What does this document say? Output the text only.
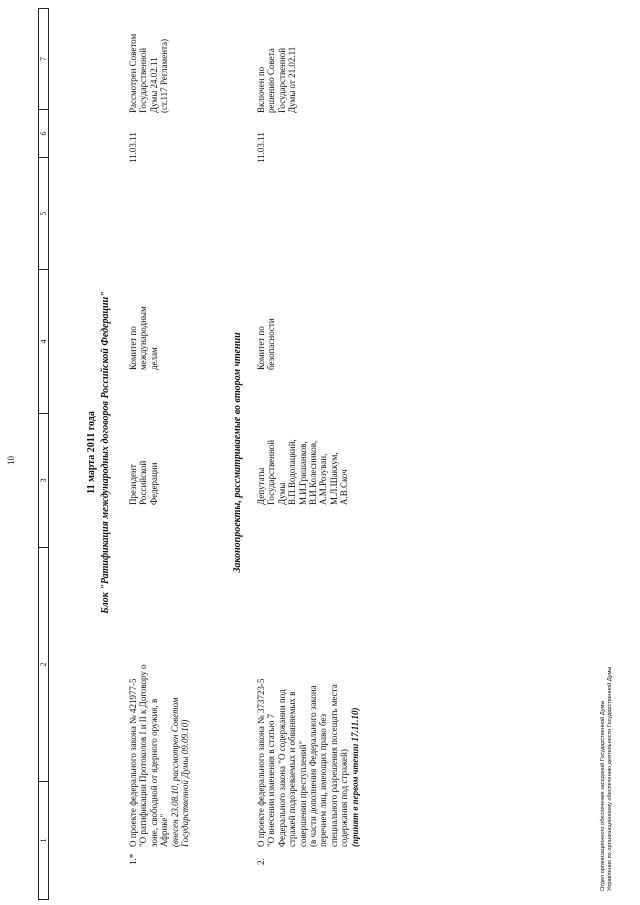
10
1
2
3
4
5
6
7
11 марта 2011 года Блок "Ратификация международных договоров Российской Федерации"
1.*
О проекте федерального закона № 421977-5 "О ратификации Протоколов I и II к Договору о зоне, свободной от ядерного оружия, в Африке" (внесен 23.08.10, рассмотрен Советом Государственной Думы 09.09.10)
Президент Российской Федерации
Комитет по международным делам
11.03.11
Рассмотрен Советом Государственной Думы 24.02.11 (ст.117 Регламента)
Законопроекты, рассматриваемые во втором чтении
2.
О проекте федерального закона № 373723-5 "О внесении изменения в статью 7 Федерального закона "О содержании под стражей подозреваемых и обвиняемых в совершении преступлений" (в части дополнения Федерального закона перечнем лиц, имеющих право без специального разрешения посещать места содержания под стражей) (принят в первом чтении 17.11.10)
Депутаты Государственной Думы В.П.Водолацкий, М.И.Гришанков, В.И.Колесников, А.М.Розуван, М.Л.Шаккум, А.В.Скоч
Комитет по безопасности
11.03.11
Включен по решению Совета Государственной Думы от 21.02.11
Отдел организационного обеспечения заседаний Государственной Думы Управление по организационному обеспечению деятельности Государственной Думы
